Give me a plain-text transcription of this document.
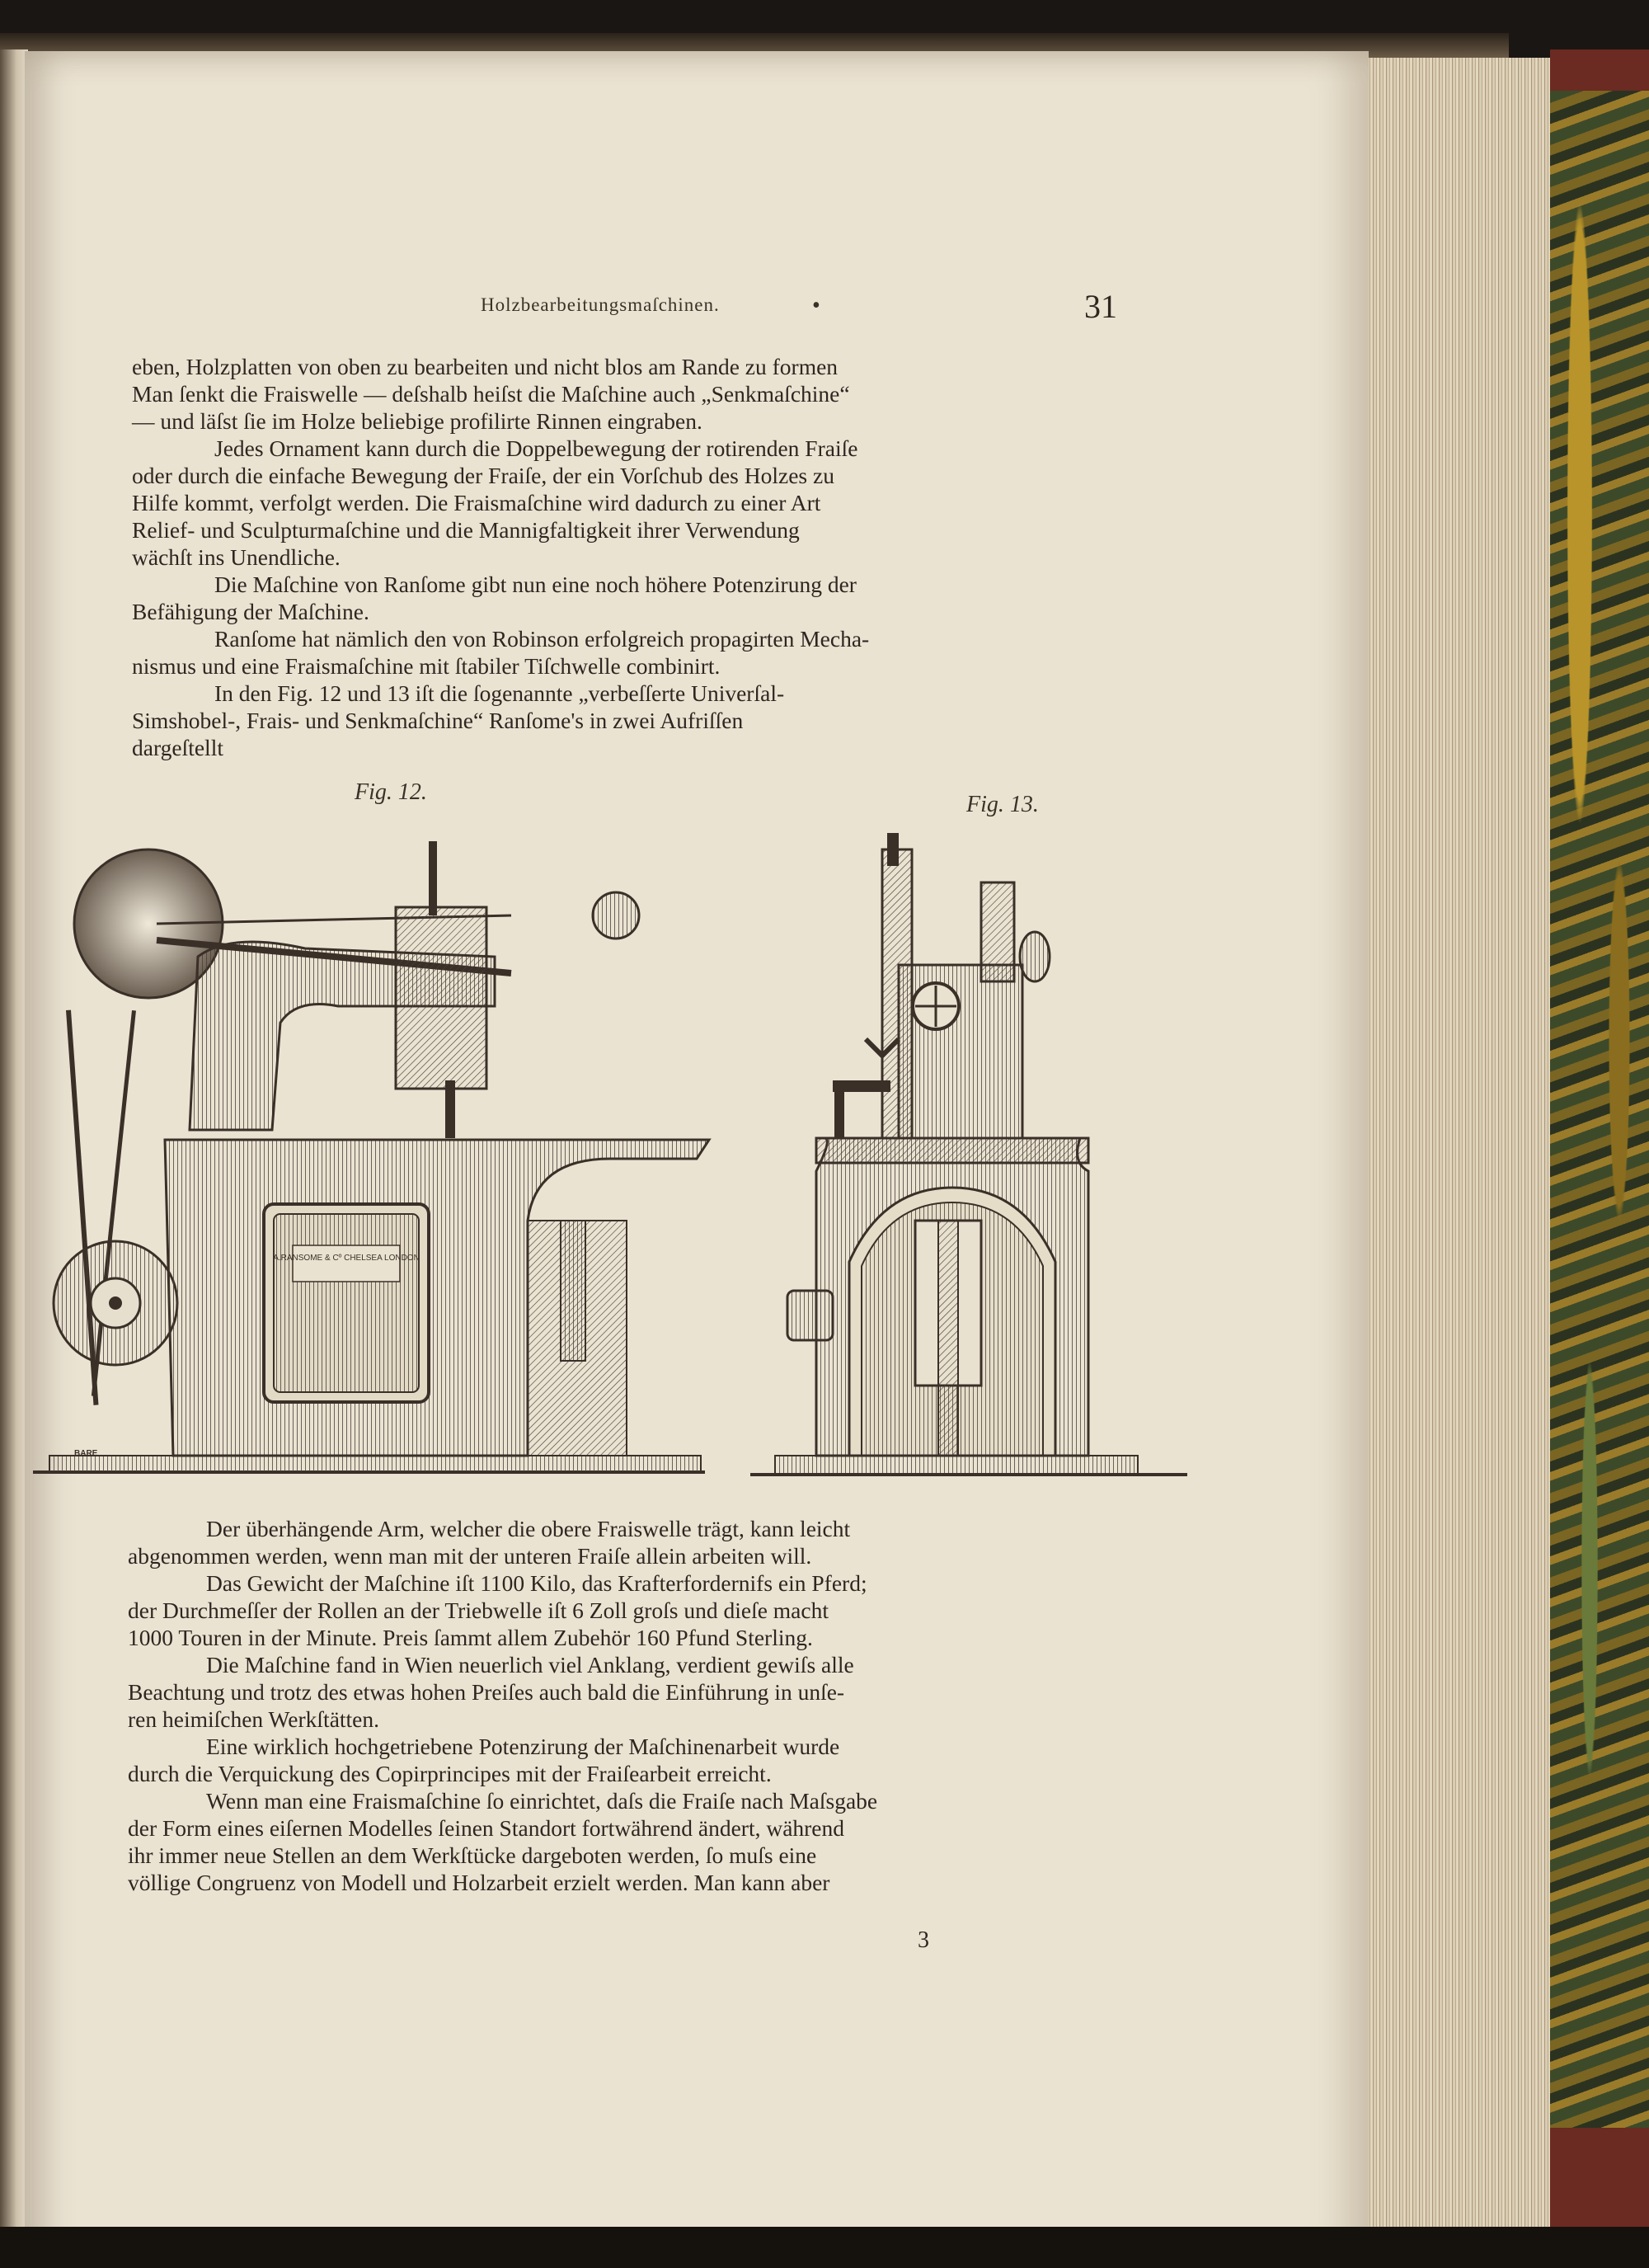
Holzbearbeitungsmaſchinen.	•	31

eben, Holzplatten von oben zu bearbeiten und nicht blos am Rande zu formen

Man ſenkt die Fraiswelle — deſshalb heiſst die Maſchine auch „Senkmaſchine“

— und läſst ſie im Holze beliebige profilirte Rinnen eingraben.

Jedes Ornament kann durch die Doppelbewegung der rotirenden Fraiſe

oder durch die einfache Bewegung der Fraiſe, der ein Vorſchub des Holzes zu

Hilfe kommt, verfolgt werden. Die Fraismaſchine wird dadurch zu einer Art

Relief- und Sculpturmaſchine und die Mannigfaltigkeit ihrer Verwendung

wächſt ins Unendliche.

Die Maſchine von Ranſome gibt nun eine noch höhere Potenzirung der

Befähigung der Maſchine.

Ranſome hat nämlich den von Robinson erfolgreich propagirten Mecha-

nismus und eine Fraismaſchine mit ſtabiler Tiſchwelle combinirt.

In den Fig. 12 und 13 iſt die ſogenannte „verbeſſerte Univerſal-

Simshobel-, Frais- und Senkmaſchine“ Ranſome's in zwei Aufriſſen

dargeſtellt

Fig. 12.	Fig. 13.
A.RANSOME & Cº CHELSEA LONDON
BARE

Der überhängende Arm, welcher die obere Fraiswelle trägt, kann leicht

abgenommen werden, wenn man mit der unteren Fraiſe allein arbeiten will.

Das Gewicht der Maſchine iſt 1100 Kilo, das Krafterfordernifs ein Pferd;

der Durchmeſſer der Rollen an der Triebwelle iſt 6 Zoll groſs und dieſe macht

1000 Touren in der Minute. Preis ſammt allem Zubehör 160 Pfund Sterling.

Die Maſchine fand in Wien neuerlich viel Anklang, verdient gewiſs alle

Beachtung und trotz des etwas hohen Preiſes auch bald die Einführung in unſe-

ren heimiſchen Werkſtätten.

Eine wirklich hochgetriebene Potenzirung der Maſchinenarbeit wurde

durch die Verquickung des Copirprincipes mit der Fraiſearbeit erreicht.

Wenn man eine Fraismaſchine ſo einrichtet, daſs die Fraiſe nach Maſsgabe

der Form eines eiſernen Modelles ſeinen Standort fortwährend ändert, während

ihr immer neue Stellen an dem Werkſtücke dargeboten werden, ſo muſs eine

völlige Congruenz von Modell und Holzarbeit erzielt werden. Man kann aber

3
